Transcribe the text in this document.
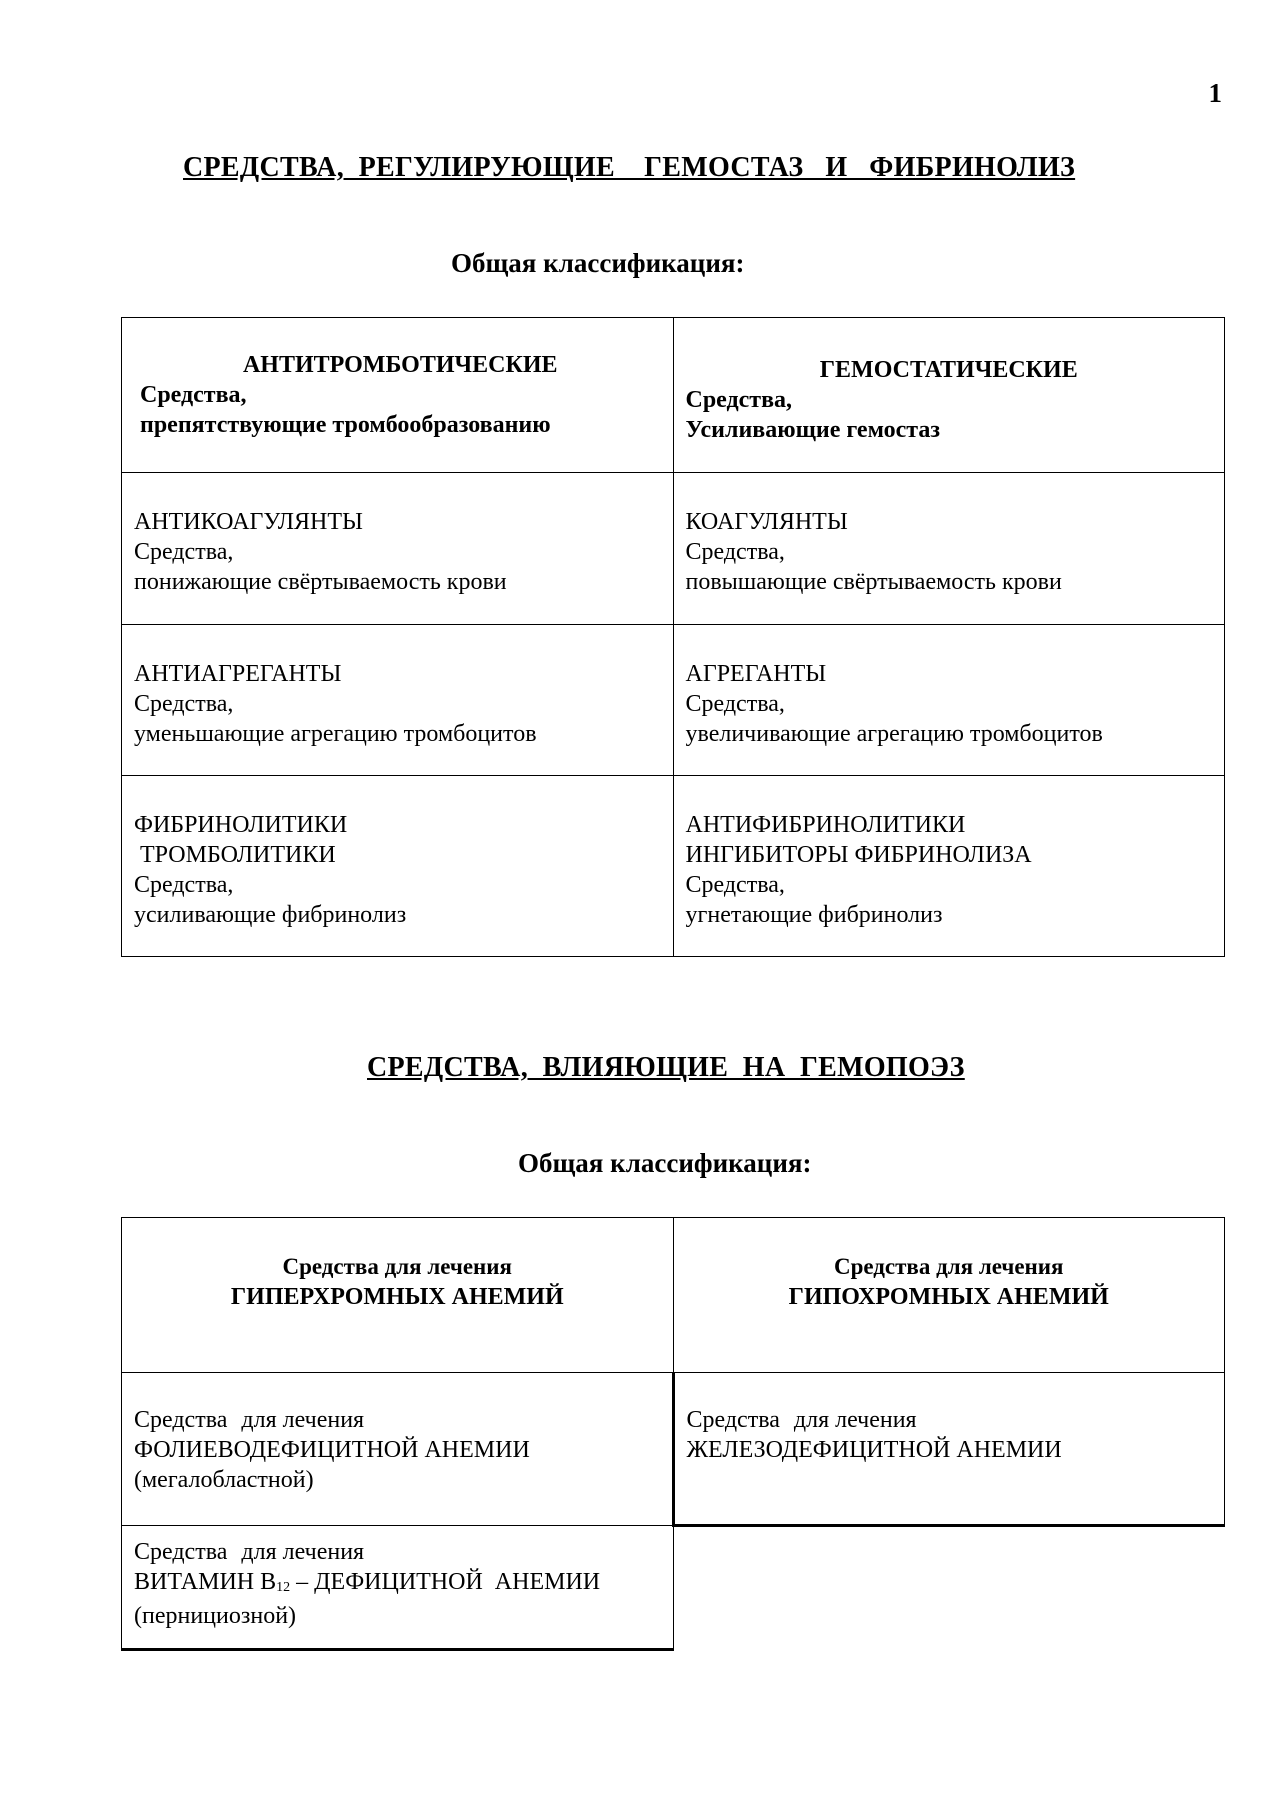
1
СРЕДСТВА,  РЕГУЛИРУЮЩИЕ    ГЕМОСТАЗ   И   ФИБРИНОЛИЗ
Общая классификация:
АНТИТРОМБОТИЧЕСКИЕ
Средства,
препятствующие тромбообразованию	ГЕМОСТАТИЧЕСКИЕ
Средства,
Усиливающие гемостаз

АНТИКОАГУЛЯНТЫ
Средства,
понижающие свёртываемость крови	КОАГУЛЯНТЫ
Средства,
повышающие свёртываемость крови

АНТИАГРЕГАНТЫ
Средства,
уменьшающие агрегацию тромбоцитов	АГРЕГАНТЫ
Средства,
увеличивающие агрегацию тромбоцитов

ФИБРИНОЛИТИКИ
ТРОМБОЛИТИКИ
Средства,
усиливающие фибринолиз	АНТИФИБРИНОЛИТИКИ
ИНГИБИТОРЫ ФИБРИНОЛИЗА
Средства,
угнетающие фибринолиз
СРЕДСТВА,  ВЛИЯЮЩИЕ  НА  ГЕМОПОЭЗ
Общая классификация:
Средства для лечения
ГИПЕРХРОМНЫХ АНЕМИЙ	Средства для лечения
ГИПОХРОМНЫХ АНЕМИЙ

Средства для лечения
ФОЛИЕВОДЕФИЦИТНОЙ АНЕМИИ
(мегалобластной)	Средства для лечения
ЖЕЛЕЗОДЕФИЦИТНОЙ АНЕМИИ

Средства для лечения
ВИТАМИН $В_{12}$ – ДЕФИЦИТНОЙ  АНЕМИИ
(пернициозной)	
